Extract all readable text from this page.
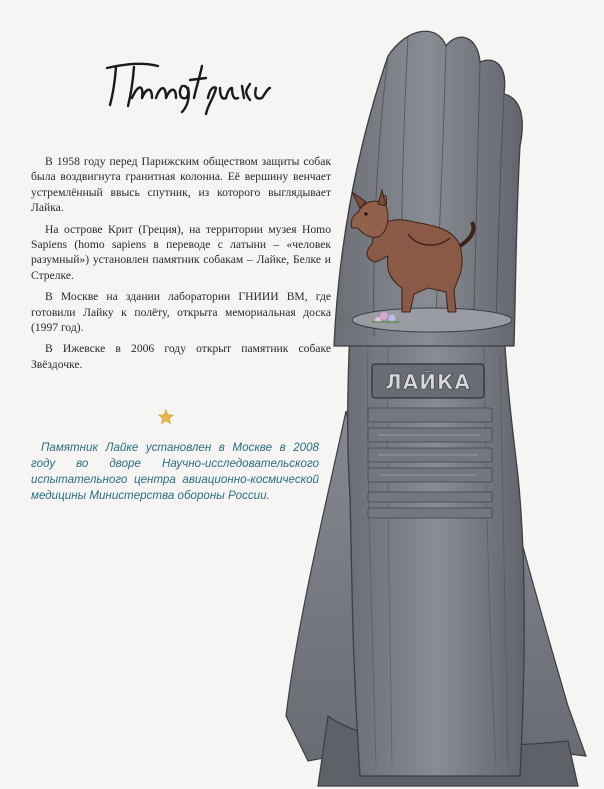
В 1958 году перед Парижским обществом защиты собак была воздвигнута гранитная колонна. Её вершину венчает устремлённый ввысь спутник, из которого выглядывает Лайка.

На острове Крит (Греция), на территории музея Homo Sapiens (homo sapiens в переводе с латыни – «человек разумный») установлен памятник собакам – Лайке, Белке и Стрелке.

В Москве на здании лаборатории ГНИИИ ВМ, где готовили Лайку к полёту, открыта мемориальная доска (1997 год).

В Ижевске в 2006 году открыт памятник собаке Звёздочке.

Памятник Лайке установлен в Москве в 2008 году во дворе Научно-исследовательского испытательного центра авиационно-космической медицины Министерства обороны России.
ЛАЙКА
